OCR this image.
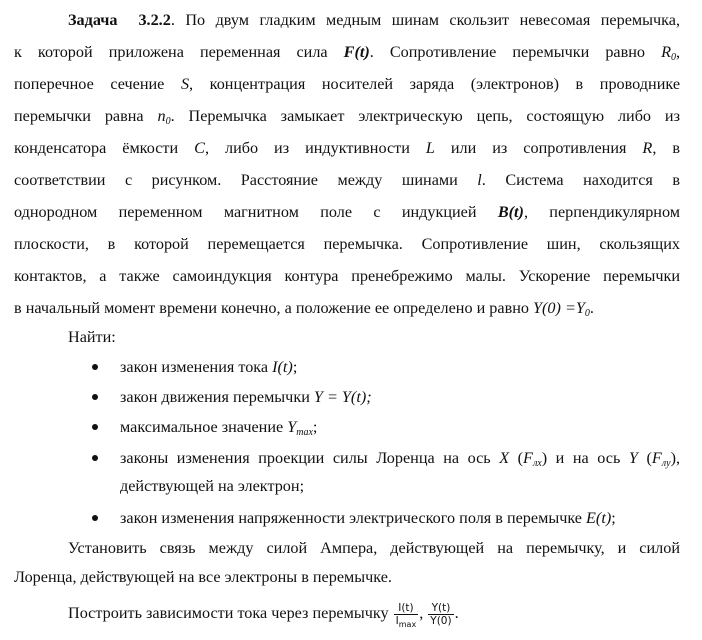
Задача 3.2.2. По двум гладким медным шинам скользит невесомая перемычка,
к которой приложена переменная сила F(t). Сопротивление перемычки равно $R_0$,
поперечное сечение S, концентрация носителей заряда (электронов) в проводнике
перемычки равна $n_0$. Перемычка замыкает электрическую цепь, состоящую либо из
конденсатора ёмкости C, либо из индуктивности L или из сопротивления R, в
соответствии с рисунком. Расстояние между шинами l. Система находится в
однородном переменном магнитном поле с индукцией B(t), перпендикулярном
плоскости, в которой перемещается перемычка. Сопротивление шин, скользящих
контактов, а также самоиндукция контура пренебрежимо малы. Ускорение перемычки
в начальный момент времени конечно, а положение ее определено и равно $Y(0) =Y_0$.
Найти:
закон изменения тока I(t);
закон движения перемычки Y = Y(t);
максимальное значение $Y_{max}$;
законы изменения проекции силы Лоренца на ось X $(F_{лх})$ и на ось Y $(F_{лy})$,
действующей на электрон;
закон изменения напряженности электрического поля в перемычке E(t);
Установить связь между силой Ампера, действующей на перемычку, и силой
Лоренца, действующей на все электроны в перемычке.
Построить зависимости тока через перемычку $\frac{I(t)}{I_{max}}$ , $\frac{Y(t)}{Y(0)}$ .
